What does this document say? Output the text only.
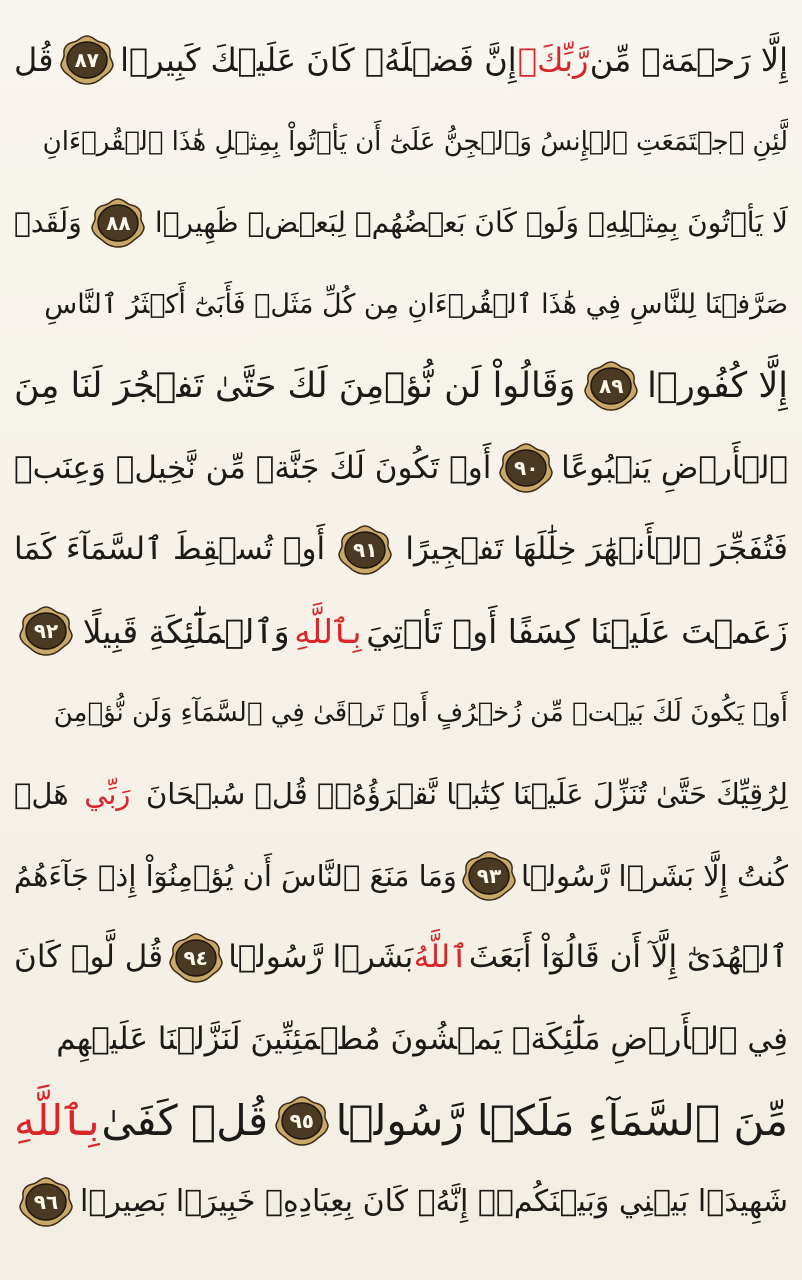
إِلَّا رَحۡمَةࣰ مِّن
رَّبِّكَۚ
إِنَّ فَضۡلَهُۥ كَانَ عَلَيۡكَ كَبِيرࣰا
٨٧
قُل
لَّئِنِ ٱجۡتَمَعَتِ ٱلۡإِنسُ وَٱلۡجِنُّ عَلَىٰٓ أَن يَأۡتُواْ بِمِثۡلِ هَٰذَا ٱلۡقُرۡءَانِ
لَا يَأۡتُونَ بِمِثۡلِهِۦ وَلَوۡ كَانَ بَعۡضُهُمۡ لِبَعۡضࣲ ظَهِيرࣰا
٨٨
وَلَقَدۡ
صَرَّفۡنَا لِلنَّاسِ فِي هَٰذَا ٱلۡقُرۡءَانِ مِن كُلِّ مَثَلࣲ فَأَبَىٰٓ أَكۡثَرُ ٱلنَّاسِ
إِلَّا كُفُورࣰا
٨٩
وَقَالُواْ لَن نُّؤۡمِنَ لَكَ حَتَّىٰ تَفۡجُرَ لَنَا مِنَ
ٱلۡأَرۡضِ يَنۢبُوعًا
٩٠
أَوۡ تَكُونَ لَكَ جَنَّةࣱ مِّن نَّخِيلࣲ وَعِنَبࣲ
فَتُفَجِّرَ ٱلۡأَنۡهَٰرَ خِلَٰلَهَا تَفۡجِيرًا
٩١
أَوۡ تُسۡقِطَ ٱلسَّمَآءَ كَمَا
زَعَمۡتَ عَلَيۡنَا كِسَفًا أَوۡ تَأۡتِيَ
بِٱللَّهِ
وَٱلۡمَلَٰٓئِكَةِ قَبِيلًا
٩٢
أَوۡ يَكُونَ لَكَ بَيۡتࣱ مِّن زُخۡرُفٍ أَوۡ تَرۡقَىٰ فِي ٱلسَّمَآءِ وَلَن نُّؤۡمِنَ
لِرُقِيِّكَ حَتَّىٰ تُنَزِّلَ عَلَيۡنَا كِتَٰبࣰا نَّقۡرَؤُهُۥۗ قُلۡ سُبۡحَانَ
رَبِّي
هَلۡ
كُنتُ إِلَّا بَشَرࣰا رَّسُولࣰا
٩٣
وَمَا مَنَعَ ٱلنَّاسَ أَن يُؤۡمِنُوٓاْ إِذۡ جَآءَهُمُ
ٱلۡهُدَىٰٓ إِلَّآ أَن قَالُوٓاْ أَبَعَثَ
ٱللَّهُ
بَشَرࣰا رَّسُولࣰا
٩٤
قُل لَّوۡ كَانَ
فِي ٱلۡأَرۡضِ مَلَٰٓئِكَةࣱ يَمۡشُونَ مُطۡمَئِنِّينَ لَنَزَّلۡنَا عَلَيۡهِم
مِّنَ ٱلسَّمَآءِ مَلَكࣰا رَّسُولࣰا
٩٥
قُلۡ كَفَىٰ
بِٱللَّهِ
شَهِيدَۢا بَيۡنِي وَبَيۡنَكُمۡۚ إِنَّهُۥ كَانَ بِعِبَادِهِۦ خَبِيرَۢا بَصِيرࣰا
٩٦
